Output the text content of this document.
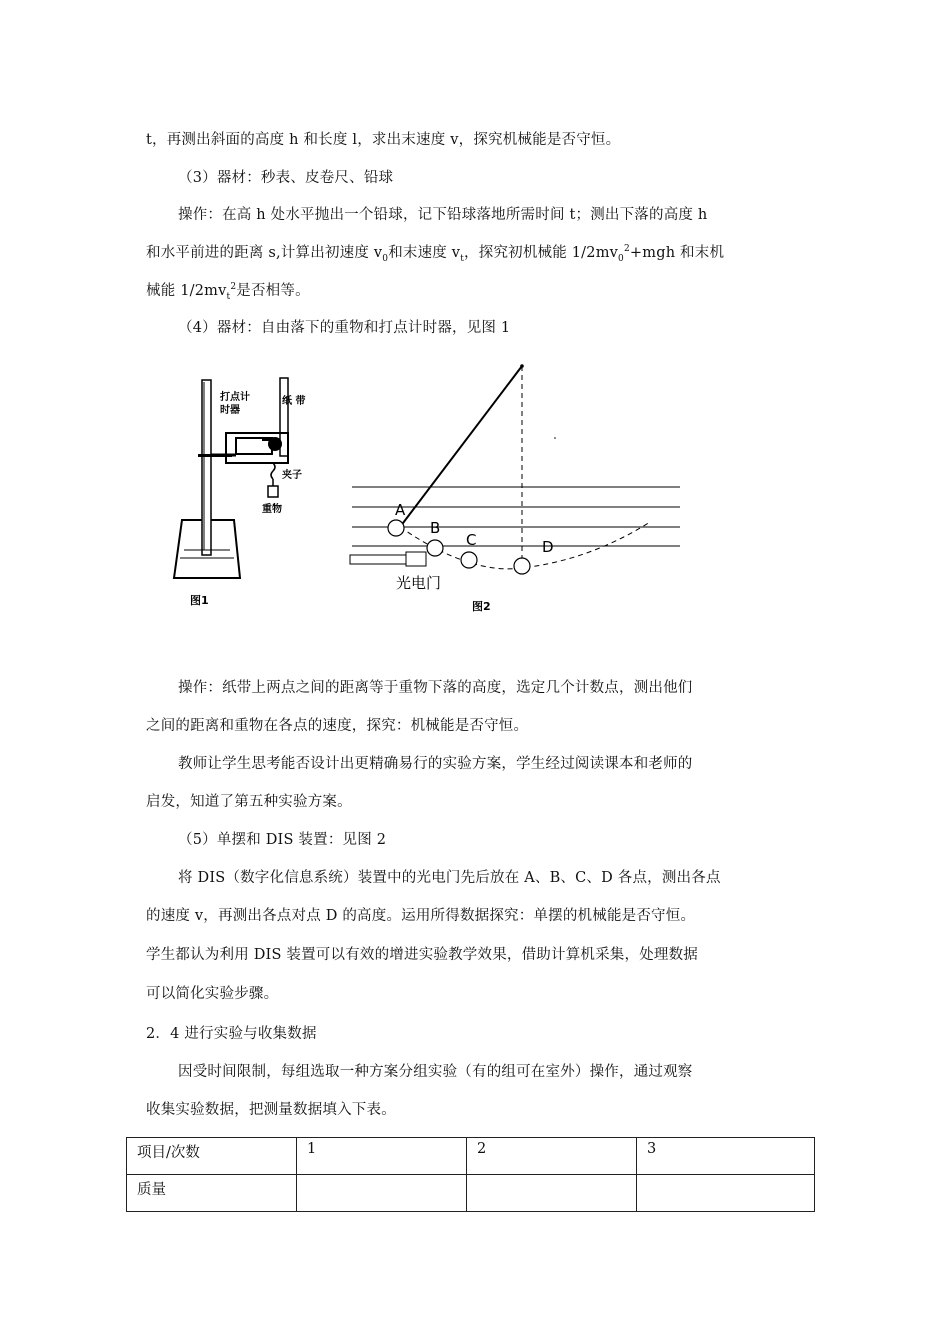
t，再测出斜面的高度 h 和长度 l，求出末速度 v，探究机械能是否守恒。
（3）器材：秒表、皮卷尺、铅球
操作：在高 h 处水平抛出一个铅球，记下铅球落地所需时间 t；测出下落的高度 h
和水平前进的距离 s,计算出初速度 $v_0$和末速度 $v_t$，探究初机械能 $1/2mv_0^2+mgh$ 和末机
械能 $1/2mv_t^2$是否相等。
（4）器材：自由落下的重物和打点计时器，见图 1
打点计
时器
纸 带
夹子
重物
图1
A
B
C	D
光电门
图2
操作：纸带上两点之间的距离等于重物下落的高度，选定几个计数点，测出他们
之间的距离和重物在各点的速度，探究：机械能是否守恒。
教师让学生思考能否设计出更精确易行的实验方案，学生经过阅读课本和老师的
启发，知道了第五种实验方案。
（5）单摆和 DIS 装置：见图 2
将 DIS（数字化信息系统）装置中的光电门先后放在 A、B、C、D 各点，测出各点
的速度 v，再测出各点对点 D 的高度。运用所得数据探究：单摆的机械能是否守恒。
学生都认为利用 DIS 装置可以有效的增进实验教学效果，借助计算机采集，处理数据
可以简化实验步骤。
2．4 进行实验与收集数据
因受时间限制，每组选取一种方案分组实验（有的组可在室外）操作，通过观察
收集实验数据，把测量数据填入下表。
项目/次数	1	2	3
质量			
